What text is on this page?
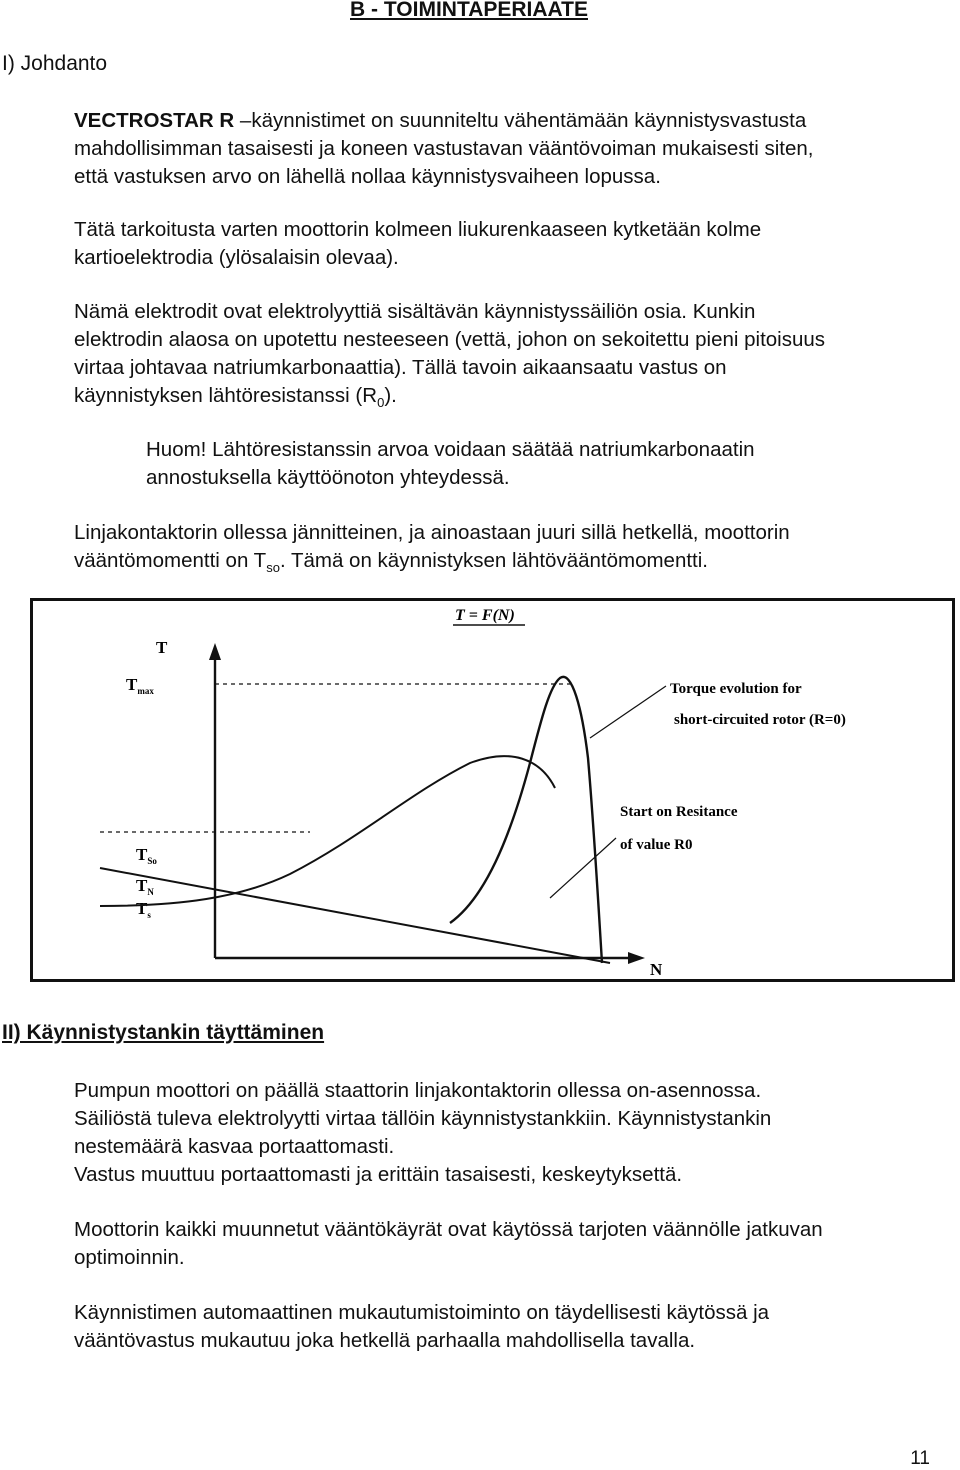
B - TOIMINTAPERIAATE
I) Johdanto
VECTROSTAR R –käynnistimet on suunniteltu vähentämään käynnistysvastusta
mahdollisimman tasaisesti ja koneen vastustavan vääntövoiman mukaisesti siten,
että vastuksen arvo on lähellä nollaa käynnistysvaiheen lopussa.
Tätä tarkoitusta varten moottorin kolmeen liukurenkaaseen kytketään kolme
kartioelektrodia (ylösalaisin olevaa).
Nämä elektrodit ovat elektrolyyttiä sisältävän käynnistyssäiliön osia. Kunkin
elektrodin alaosa on upotettu nesteeseen (vettä, johon on sekoitettu pieni pitoisuus
virtaa johtavaa natriumkarbonaattia). Tällä tavoin aikaansaatu vastus on
käynnistyksen lähtöresistanssi $(R_0)$.
Huom! Lähtöresistanssin arvoa voidaan säätää natriumkarbonaatin
annostuksella käyttöönoton yhteydessä.
Linjakontaktorin ollessa jännitteinen, ja ainoastaan juuri sillä hetkellä, moottorin
vääntömomentti on $T_{so}$. Tämä on käynnistyksen lähtövääntömomentti.
T = F(N)
T
N
$T_{max}$
$T_{So}$
$T_N$
$T_s$
Torque evolution for
short-circuited rotor (R=0)
Start on Resitance
of value R0
II) Käynnistystankin täyttäminen
Pumpun moottori on päällä staattorin linjakontaktorin ollessa on-asennossa.
Säiliöstä tuleva elektrolyytti virtaa tällöin käynnistystankkiin. Käynnistystankin
nestemäärä kasvaa portaattomasti.
Vastus muuttuu portaattomasti ja erittäin tasaisesti, keskeytyksettä.
Moottorin kaikki muunnetut vääntökäyrät ovat käytössä tarjoten väännölle jatkuvan
optimoinnin.
Käynnistimen automaattinen mukautumistoiminto on täydellisesti käytössä ja
vääntövastus mukautuu joka hetkellä parhaalla mahdollisella tavalla.
11
